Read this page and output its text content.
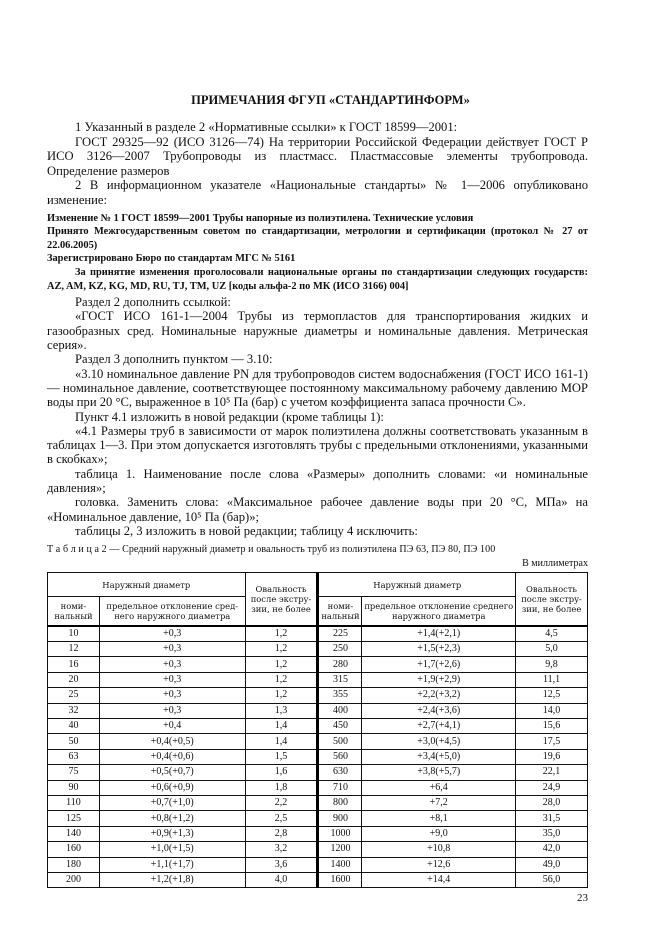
ПРИМЕЧАНИЯ ФГУП «СТАНДАРТИНФОРМ»

1 Указанный в разделе 2 «Нормативные ссылки» к ГОСТ 18599—2001:

ГОСТ 29325—92 (ИСО 3126—74) На территории Российской Федерации действует ГОСТ Р ИСО 3126—2007 Трубопроводы из пластмасс. Пластмассовые элементы трубопровода. Определение размеров

2 В информационном указателе «Национальные стандарты» № 1—2006 опубликовано изменение:

Изменение № 1 ГОСТ 18599—2001 Трубы напорные из полиэтилена. Технические условия

Принято Межгосударственным советом по стандартизации, метрологии и сертификации (протокол № 27 от 22.06.2005)

Зарегистрировано Бюро по стандартам МГС № 5161

За принятие изменения проголосовали национальные органы по стандартизации следующих государств: AZ, AM, KZ, KG, MD, RU, TJ, TM, UZ [коды альфа-2 по МК (ИСО 3166) 004]

Раздел 2 дополнить ссылкой:

«ГОСТ ИСО 161-1—2004 Трубы из термопластов для транспортирования жидких и газообразных сред. Номинальные наружные диаметры и номинальные давления. Метрическая серия».

Раздел 3 дополнить пунктом — 3.10:

«3.10 номинальное давление PN для трубопроводов систем водоснабжения (ГОСТ ИСО 161-1) — номинальное давление, соответствующее постоянному максимальному рабочему давлению МОР воды при 20 °С, выраженное в 10⁵ Па (бар) с учетом коэффициента запаса прочности С».

Пункт 4.1 изложить в новой редакции (кроме таблицы 1):

«4.1 Размеры труб в зависимости от марок полиэтилена должны соответствовать указанным в таблицах 1—3. При этом допускается изготовлять трубы с предельными отклонениями, указанными в скобках»;

таблица 1. Наименование после слова «Размеры» дополнить словами: «и номинальные давления»;

головка. Заменить слова: «Максимальное рабочее давление воды при 20 °С, МПа» на «Номинальное давление, 10⁵ Па (бар)»;

таблицы 2, 3 изложить в новой редакции; таблицу 4 исключить:

Т а б л и ц а 2 — Средний наружный диаметр и овальность труб из полиэтилена ПЭ 63, ПЭ 80, ПЭ 100
В миллиметрах
Наружный диаметр		Овальность после экструзии, не более	Наружный диаметр		Овальность после экструзии, не более
номинальный	предельное отклонение среднего наружного диаметра		номинальный	предельное отклонение среднего наружного диаметра	
10	+0,3	1,2	225	+1,4(+2,1)	4,5
12	+0,3	1,2	250	+1,5(+2,3)	5,0
16	+0,3	1,2	280	+1,7(+2,6)	9,8
20	+0,3	1,2	315	+1,9(+2,9)	11,1
25	+0,3	1,2	355	+2,2(+3,2)	12,5
32	+0,3	1,3	400	+2,4(+3,6)	14,0
40	+0,4	1,4	450	+2,7(+4,1)	15,6
50	+0,4(+0,5)	1,4	500	+3,0(+4,5)	17,5
63	+0,4(+0,6)	1,5	560	+3,4(+5,0)	19,6
75	+0,5(+0,7)	1,6	630	+3,8(+5,7)	22,1
90	+0,6(+0,9)	1,8	710	+6,4	24,9
110	+0,7(+1,0)	2,2	800	+7,2	28,0
125	+0,8(+1,2)	2,5	900	+8,1	31,5
140	+0,9(+1,3)	2,8	1000	+9,0	35,0
160	+1,0(+1,5)	3,2	1200	+10,8	42,0
180	+1,1(+1,7)	3,6	1400	+12,6	49,0
200	+1,2(+1,8)	4,0	1600	+14,4	56,0
23
